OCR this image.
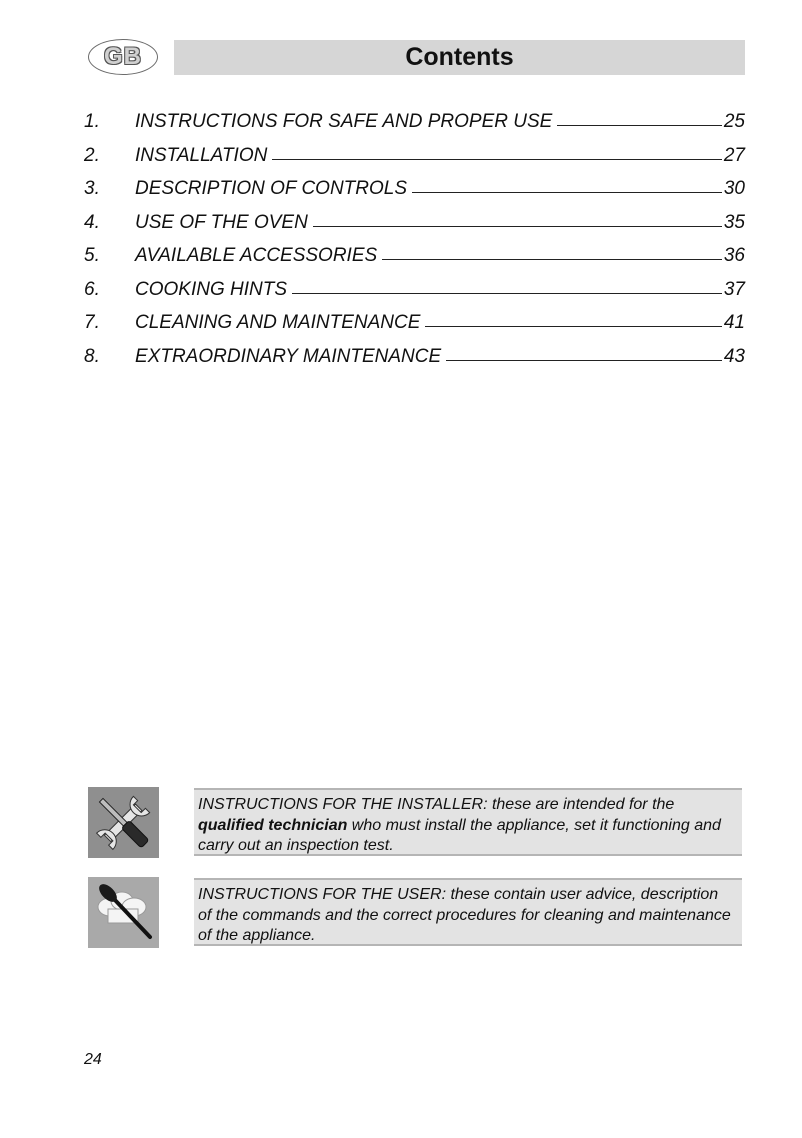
GB	Contents
1.	INSTRUCTIONS FOR SAFE AND PROPER USE	25
2.	INSTALLATION	27
3.	DESCRIPTION OF CONTROLS	30
4.	USE OF THE OVEN	35
5.	AVAILABLE ACCESSORIES	36
6.	COOKING HINTS	37
7.	CLEANING AND MAINTENANCE	41
8.	EXTRAORDINARY MAINTENANCE	43
INSTRUCTIONS FOR THE INSTALLER: these are intended for the qualified technician who must install the appliance, set it functioning and carry out an inspection test.
INSTRUCTIONS FOR THE USER: these contain user advice, description of the commands and the correct procedures for cleaning and maintenance of the appliance.
24
